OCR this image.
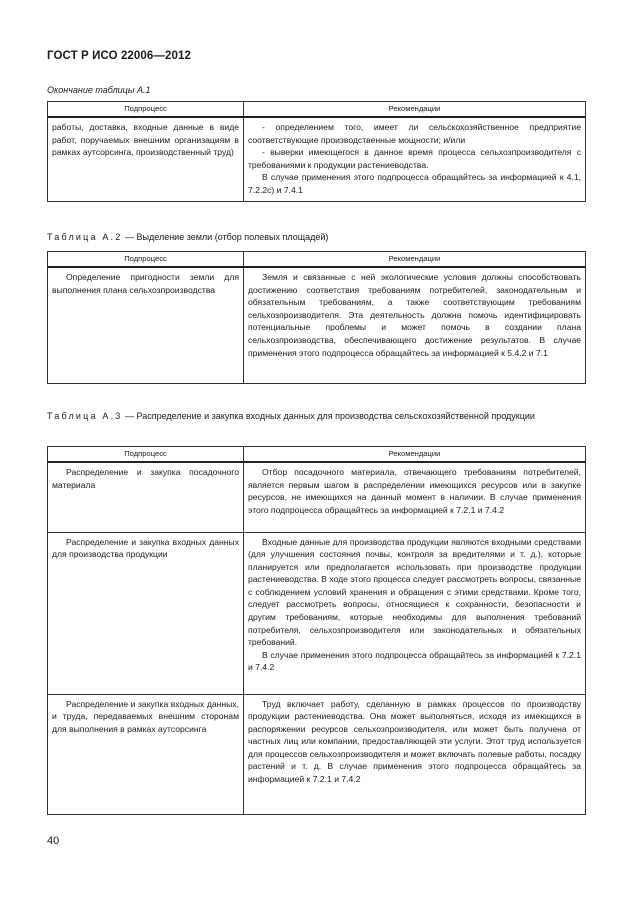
ГОСТ Р ИСО 22006—2012
Окончание таблицы А.1
Подпроцесс	Рекомендации

работы, доставка, входные данные в виде работ, поручаемых внешним организациям в рамках аутсорсинга, производственный труд)	- определением того, имеет ли сельскохозяйственное предприятие соответствующие производственные мощности; и/или

- выверки имеющегося в данное время процесса сельхозпроизводителя с требованиями к продукции растениеводства.

В случае применения этого подпроцесса обращайтесь за информацией к 4.1, 7.2.2c) и 7.4.1

Таблица А.2 — Выделение земли (отбор полевых площадей)
Подпроцесс	Рекомендации

Определение пригодности земли для выполнения плана сельхозпроизводства	Земля и связанные с ней экологические условия должны способствовать достижению соответствия требованиям потребителей, законодательным и обязательным требованиям, а также соответствующим требованиям сельхозпроизводителя. Эта деятельность должна помочь идентифицировать потенциальные проблемы и может помочь в создании плана сельхозпроизводства, обеспечивающего достижение результатов. В случае применения этого подпроцесса обращайтесь за информацией к 5.4.2 и 7.1

Таблица А.3 — Распределение и закупка входных данных для производства сельскохозяйственной продукции
Подпроцесс	Рекомендации

Распределение и закупка посадочного материала	Отбор посадочного материала, отвечающего требованиям потребителей, является первым шагом в распределении имеющихся ресурсов или в закупке ресурсов, не имеющихся на данный момент в наличии. В случае применения этого подпроцесса обращайтесь за информацией к 7.2.1 и 7.4.2

Распределение и закупка входных данных для производства продукции	Входные данные для производства продукции являются входными средствами (для улучшения состояния почвы, контроля за вредителями и т. д.), которые планируется или предполагается использовать при производстве продукции растениеводства. В ходе этого процесса следует рассмотреть вопросы, связанные с соблюдением условий хранения и обращения с этими средствами. Кроме того, следует рассмотреть вопросы, относящиеся к сохранности, безопасности и другим требованиям, которые необходимы для выполнения требований потребителя, сельхозпроизводителя или законодательных и обязательных требований.

В случае применения этого подпроцесса обращайтесь за информацией к 7.2.1 и 7.4.2

Распределение и закупка входных данных, и труда, передаваемых внешним сторонам для выполнения в рамках аутсорсинга	Труд включает работу, сделанную в рамках процессов по производству продукции растениеводства. Она может выполняться, исходя из имеющихся в распоряжении ресурсов сельхозпроизводителя, или может быть получена от частных лиц или компании, предоставляющей эти услуги. Этот труд используется для процессов сельхозпроизводителя и может включать полевые работы, посадку растений и т. д. В случае применения этого подпроцесса обращайтесь за информацией к 7.2.1 и 7.4.2

40
